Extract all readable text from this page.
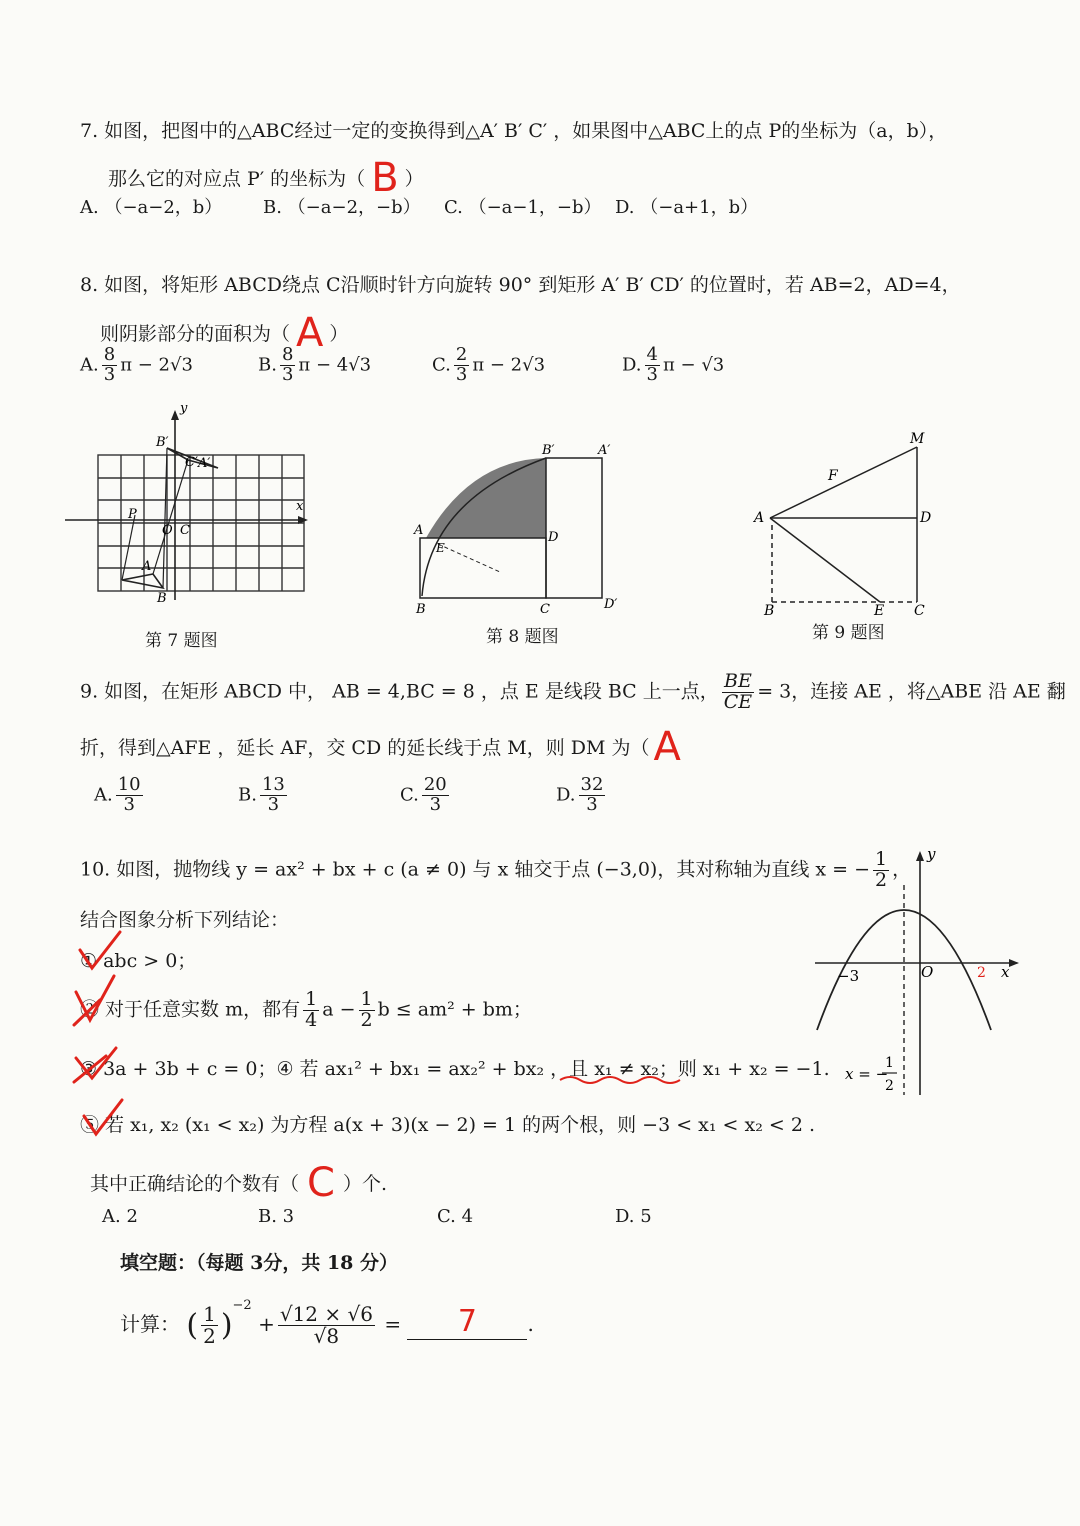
7. 如图，把图中的△ABC经过一定的变换得到△A′ B′ C′ ，如果图中△ABC上的点 P的坐标为（a，b），
那么它的对应点 P′ 的坐标为（ B ）
A. （−a−2，b） B. （−a−2，−b） C. （−a−1，−b） D. （−a+1，b）
8. 如图，将矩形 ABCD绕点 C沿顺时针方向旋转 90° 到矩形 A′ B′ CD′ 的位置时，若 AB=2，AD=4，
则阴影部分的面积为（ A ）
A. $\frac{8}{3}$ π − 2√3	B. $\frac{8}{3}$ π − 4√3	C. $\frac{2}{3}$ π − 2√3	D. $\frac{4}{3}$ π − √3
B′
A′
C′
y
x
O C
P
A
B
第 7 题图
A
E
D
B′	A′
B	C	D′
第 8 题图
M
F
A	D
B	E C
第 9 题图
9. 如图，在矩形 ABCD 中， AB = 4,BC = 8 ，点 E 是线段 BC 上一点， $\frac{BE}{CE} = 3$，连接 AE ，将△ABE 沿 AE 翻
折，得到△AFE ，延长 AF，交 CD 的延长线于点 M，则 DM 为（ A
A. $\frac{10}{3}$	B. $\frac{13}{3}$	C. $\frac{20}{3}$	D. $\frac{32}{3}$
10. 如图，抛物线 y = ax² + bx + c (a ≠ 0) 与 x 轴交于点 (−3,0)，其对称轴为直线 x = − $\frac{1}{2}$ ，
结合图象分析下列结论：
① abc > 0；
② 对于任意实数 m，都有 $\frac{1}{4}$ $a - \frac{1}{2}$ b ≤ am² + bm；
③ 3a + 3b + c = 0；④ 若 ax₁² + bx₁ = ax₂² + bx₂ ，且 x₁ ≠ x₂；则 x₁ + x₂ = −1.
⑤ 若 x₁, x₂ (x₁ < x₂) 为方程 a(x + 3)(x − 2) = 1 的两个根，则 −3 < x₁ < x₂ < 2 .
其中正确结论的个数有（ C ）个.
A. 2	B. 3	C. 4	D. 5
y
x
−3	O	2
x = −
1
2
填空题：（每题 3分，共 18 分）
计算： ( $\frac{1}{2} )^{-2} + \frac{√12 \times √6}{√8} = 7$	.
